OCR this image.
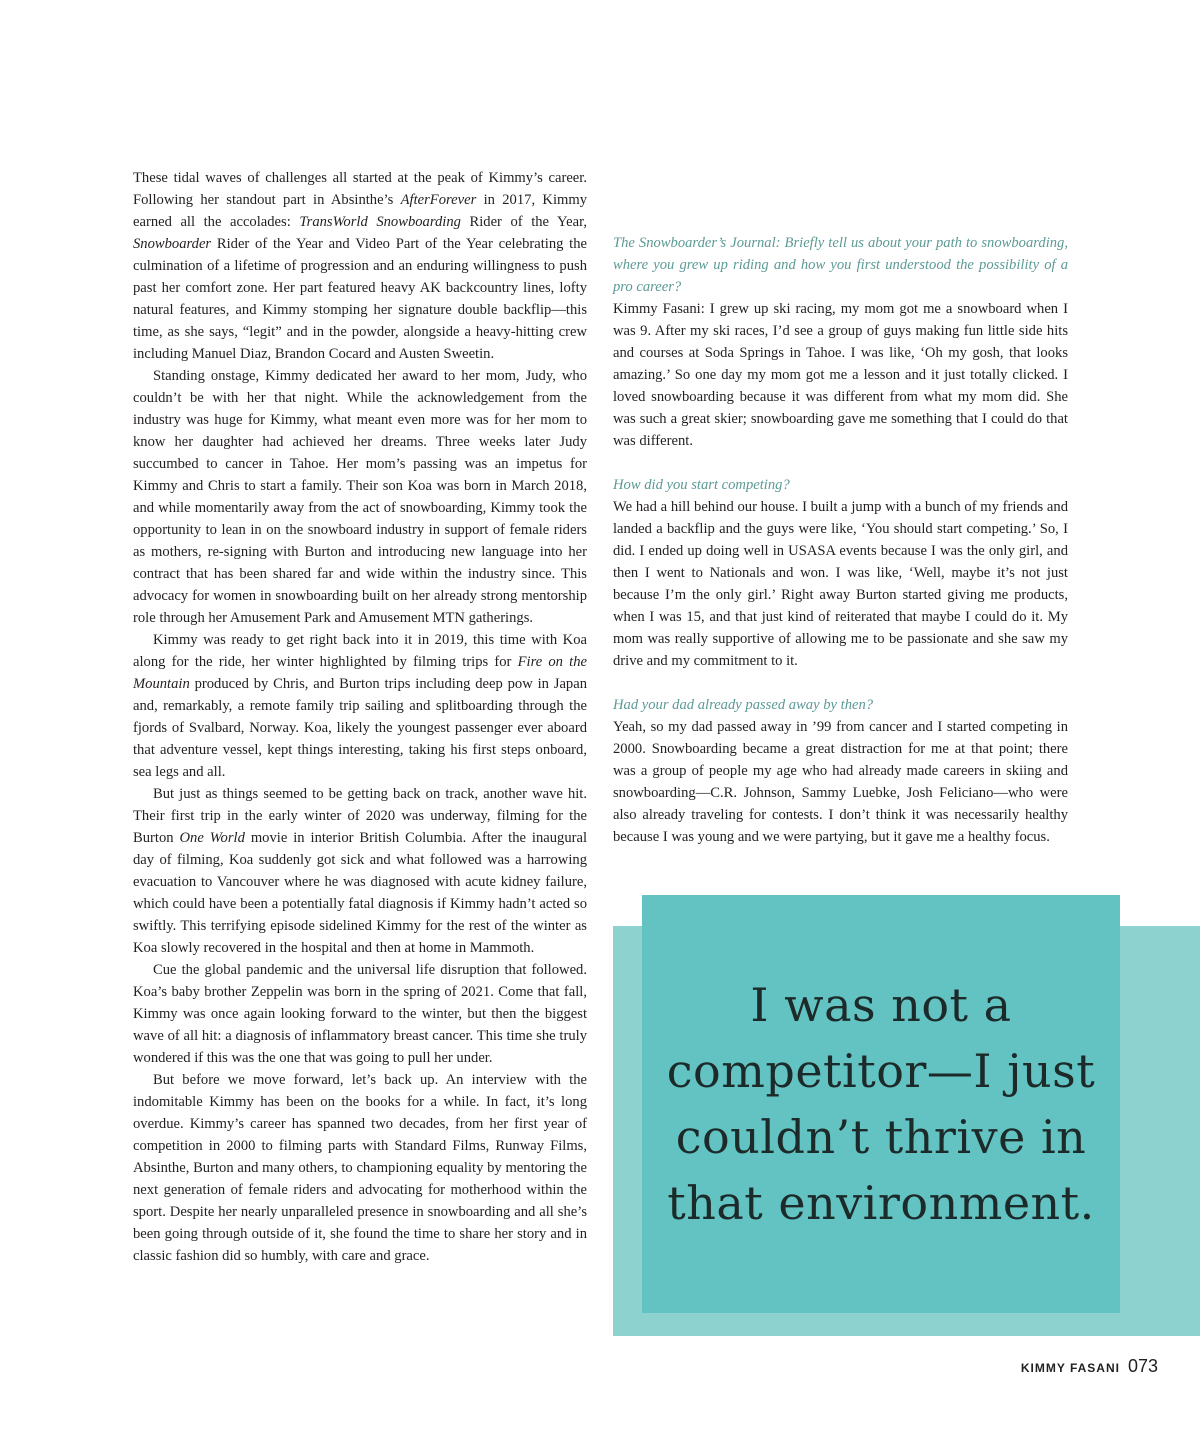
These tidal waves of challenges all started at the peak of Kimmy’s career. Following her standout part in Absinthe’s AfterForever in 2017, Kimmy earned all the accolades: TransWorld Snowboarding Rider of the Year, Snowboarder Rider of the Year and Video Part of the Year celebrating the culmination of a lifetime of progression and an enduring willingness to push past her comfort zone. Her part featured heavy AK backcountry lines, lofty natural features, and Kimmy stomping her signature double backflip—this time, as she says, “legit” and in the powder, alongside a heavy-hitting crew including Manuel Diaz, Brandon Cocard and Austen Sweetin.

Standing onstage, Kimmy dedicated her award to her mom, Judy, who couldn’t be with her that night. While the acknowledgement from the industry was huge for Kimmy, what meant even more was for her mom to know her daughter had achieved her dreams. Three weeks later Judy succumbed to cancer in Tahoe. Her mom’s passing was an impetus for Kimmy and Chris to start a family. Their son Koa was born in March 2018, and while momentarily away from the act of snowboarding, Kimmy took the opportunity to lean in on the snowboard industry in support of female riders as mothers, re-signing with Burton and introducing new language into her contract that has been shared far and wide within the industry since. This advocacy for women in snowboarding built on her already strong mentorship role through her Amusement Park and Amusement MTN gatherings.

Kimmy was ready to get right back into it in 2019, this time with Koa along for the ride, her winter highlighted by filming trips for Fire on the Mountain produced by Chris, and Burton trips including deep pow in Japan and, remarkably, a remote family trip sailing and splitboarding through the fjords of Svalbard, Norway. Koa, likely the youngest passenger ever aboard that adventure vessel, kept things interesting, taking his first steps onboard, sea legs and all.

But just as things seemed to be getting back on track, another wave hit. Their first trip in the early winter of 2020 was underway, filming for the Burton One World movie in interior British Columbia. After the inaugural day of filming, Koa suddenly got sick and what followed was a harrowing evacuation to Vancouver where he was diagnosed with acute kidney failure, which could have been a potentially fatal diagnosis if Kimmy hadn’t acted so swiftly. This terrifying episode sidelined Kimmy for the rest of the winter as Koa slowly recovered in the hospital and then at home in Mammoth.

Cue the global pandemic and the universal life disruption that followed. Koa’s baby brother Zeppelin was born in the spring of 2021. Come that fall, Kimmy was once again looking forward to the winter, but then the biggest wave of all hit: a diagnosis of inflammatory breast cancer. This time she truly wondered if this was the one that was going to pull her under.

But before we move forward, let’s back up. An interview with the indomitable Kimmy has been on the books for a while. In fact, it’s long overdue. Kimmy’s career has spanned two decades, from her first year of competition in 2000 to filming parts with Standard Films, Runway Films, Absinthe, Burton and many others, to championing equality by mentoring the next generation of female riders and advocating for motherhood within the sport. Despite her nearly unparalleled presence in snowboarding and all she’s been going through outside of it, she found the time to share her story and in classic fashion did so humbly, with care and grace.

The Snowboarder’s Journal: Briefly tell us about your path to snowboarding, where you grew up riding and how you first understood the possibility of a pro career?

Kimmy Fasani: I grew up ski racing, my mom got me a snowboard when I was 9. After my ski races, I’d see a group of guys making fun little side hits and courses at Soda Springs in Tahoe. I was like, ‘Oh my gosh, that looks amazing.’ So one day my mom got me a lesson and it just totally clicked. I loved snowboarding because it was different from what my mom did. She was such a great skier; snowboarding gave me something that I could do that was different.

How did you start competing?

We had a hill behind our house. I built a jump with a bunch of my friends and landed a backflip and the guys were like, ‘You should start competing.’ So, I did. I ended up doing well in USASA events because I was the only girl, and then I went to Nationals and won. I was like, ‘Well, maybe it’s not just because I’m the only girl.’ Right away Burton started giving me products, when I was 15, and that just kind of reiterated that maybe I could do it. My mom was really supportive of allowing me to be passionate and she saw my drive and my commitment to it.

Had your dad already passed away by then?

Yeah, so my dad passed away in ’99 from cancer and I started competing in 2000. Snowboarding became a great distraction for me at that point; there was a group of people my age who had already made careers in skiing and snowboarding—C.R. Johnson, Sammy Luebke, Josh Feliciano—who were also already traveling for contests. I don’t think it was necessarily healthy because I was young and we were partying, but it gave me a healthy focus.

I was not a competitor—I just couldn’t thrive in that environment.

KIMMY FASANI 073
